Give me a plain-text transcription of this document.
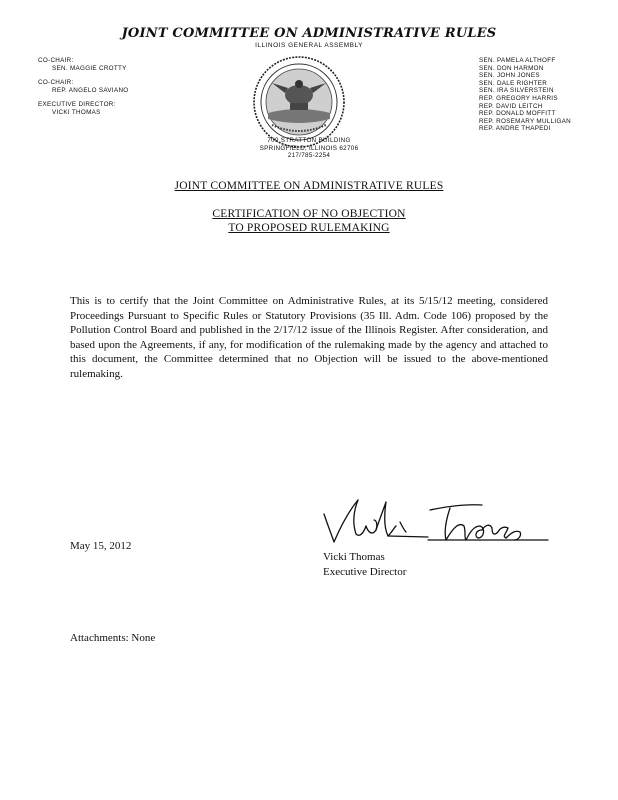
JOINT COMMITTEE ON ADMINISTRATIVE RULES
ILLINOIS GENERAL ASSEMBLY
CO-CHAIR:
SEN. MAGGIE CROTTY
CO-CHAIR:
REP. ANGELO SAVIANO
EXECUTIVE DIRECTOR:
VICKI THOMAS
SEN. PAMELA ALTHOFF
SEN. DON HARMON
SEN. JOHN JONES
SEN. DALE RIGHTER
SEN. IRA SILVERSTEIN
REP. GREGORY HARRIS
REP. DAVID LEITCH
REP. DONALD MOFFITT
REP. ROSEMARY MULLIGAN
REP. ANDRE THAPEDI
700 STRATTON BUILDING
SPRINGFIELD, ILLINOIS 62706
217/785-2254
JOINT COMMITTEE ON ADMINISTRATIVE RULES
CERTIFICATION OF NO OBJECTION
TO PROPOSED RULEMAKING
This is to certify that the Joint Committee on Administrative Rules, at its 5/15/12 meeting, considered Proceedings Pursuant to Specific Rules or Statutory Provisions (35 Ill. Adm. Code 106) proposed by the Pollution Control Board and published in the 2/17/12 issue of the Illinois Register. After consideration, and based upon the Agreements, if any, for modification of the rulemaking made by the agency and attached to this document, the Committee determined that no Objection will be issued to the above-mentioned rulemaking.
May 15, 2012
Vicki Thomas
Vicki Thomas
Executive Director
Attachments: None
